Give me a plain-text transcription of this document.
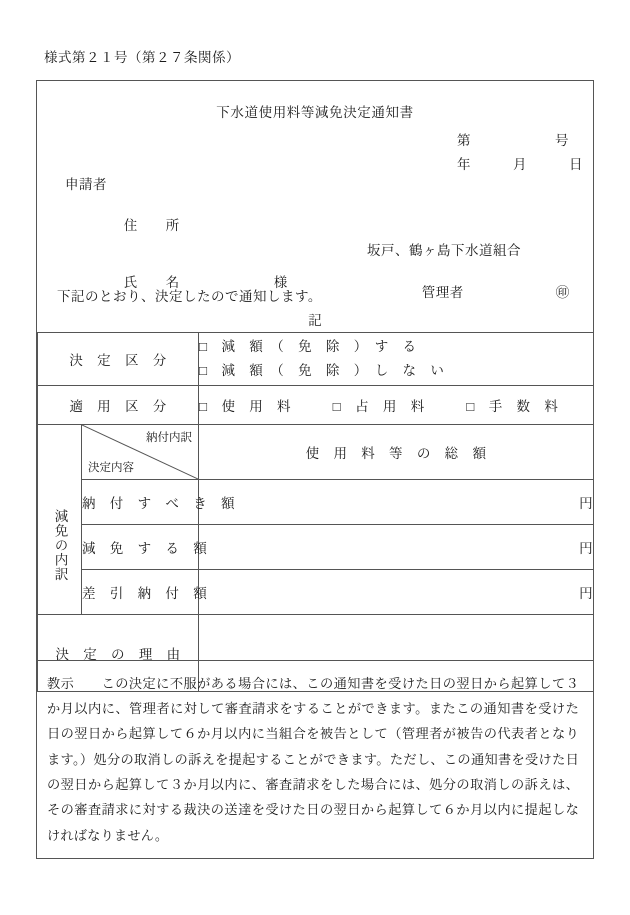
様式第２１号（第２７条関係）
下水道使用料等減免決定通知書
第　　　　　　号
年　　　月　　　日
申請者

住　　所

氏　　名	様

坂戸、鶴ヶ島下水道組合

管理者	㊞

下記のとおり、決定したので通知します。
記
決　定　区　分		□　減　額　（　免　除　）　す　る
□　減　額　（　免　除　）　し　な　い

適　用　区　分		□　使　用　料　　　□　占　用　料　　　□　手　数　料

	納付内訳
決定内容	使　用　料　等　の　総　額
減免の内訳	納　付　す　べ　き　額	円
	減　免　す　る　額	円
	差　引　納　付　額	円
決　定　の　理　由		

教示　　 この決定に不服がある場合には、この通知書を受けた日の翌日から起算して３か月以内に、管理者に対して審査請求をすることができます。またこの通知書を受けた日の翌日から起算して６か月以内に当組合を被告として（管理者が被告の代表者となります。）処分の取消しの訴えを提起することができます。ただし、この通知書を受けた日の翌日から起算して３か月以内に、審査請求をした場合には、処分の取消しの訴えは、その審査請求に対する裁決の送達を受けた日の翌日から起算して６か月以内に提起しなければなりません。
